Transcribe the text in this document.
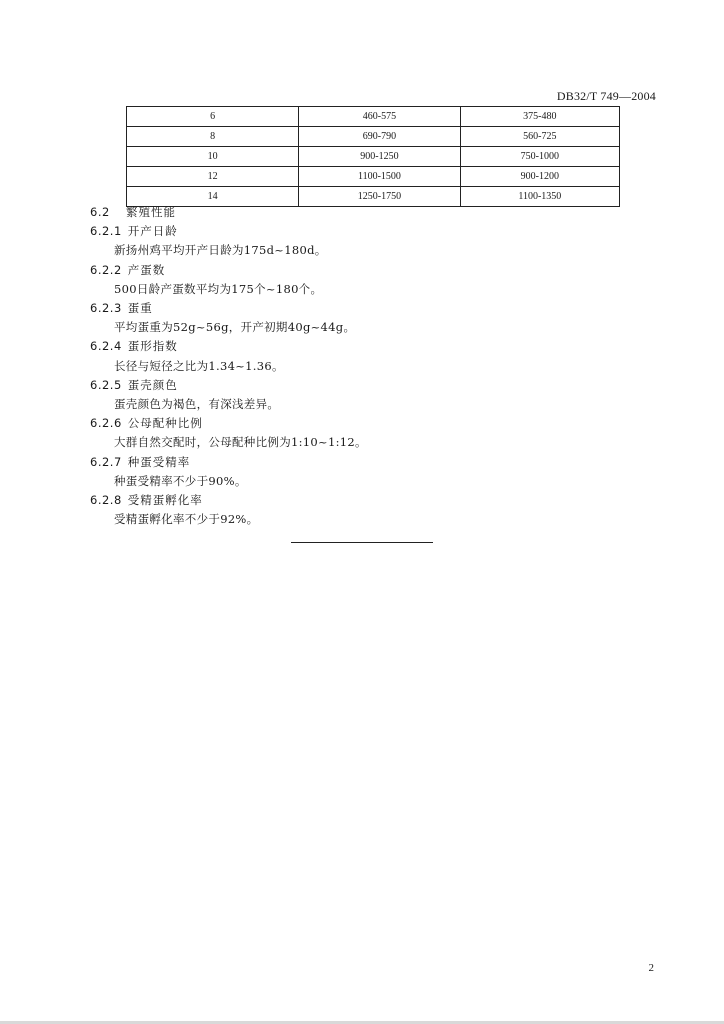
DB32/T 749—2004
6	460-575	375-480
8	690-790	560-725
10	900-1250	750-1000
12	1100-1500	900-1200
14	1250-1750	1100-1350
6.2 繁殖性能
6.2.1 开产日龄
新扬州鸡平均开产日龄为175d~180d。
6.2.2 产蛋数
500日龄产蛋数平均为175个~180个。
6.2.3 蛋重
平均蛋重为52g~56g，开产初期40g~44g。
6.2.4 蛋形指数
长径与短径之比为1.34~1.36。
6.2.5 蛋壳颜色
蛋壳颜色为褐色，有深浅差异。
6.2.6 公母配种比例
大群自然交配时，公母配种比例为1:10~1:12。
6.2.7 种蛋受精率
种蛋受精率不少于90%。
6.2.8 受精蛋孵化率
受精蛋孵化率不少于92%。
2
